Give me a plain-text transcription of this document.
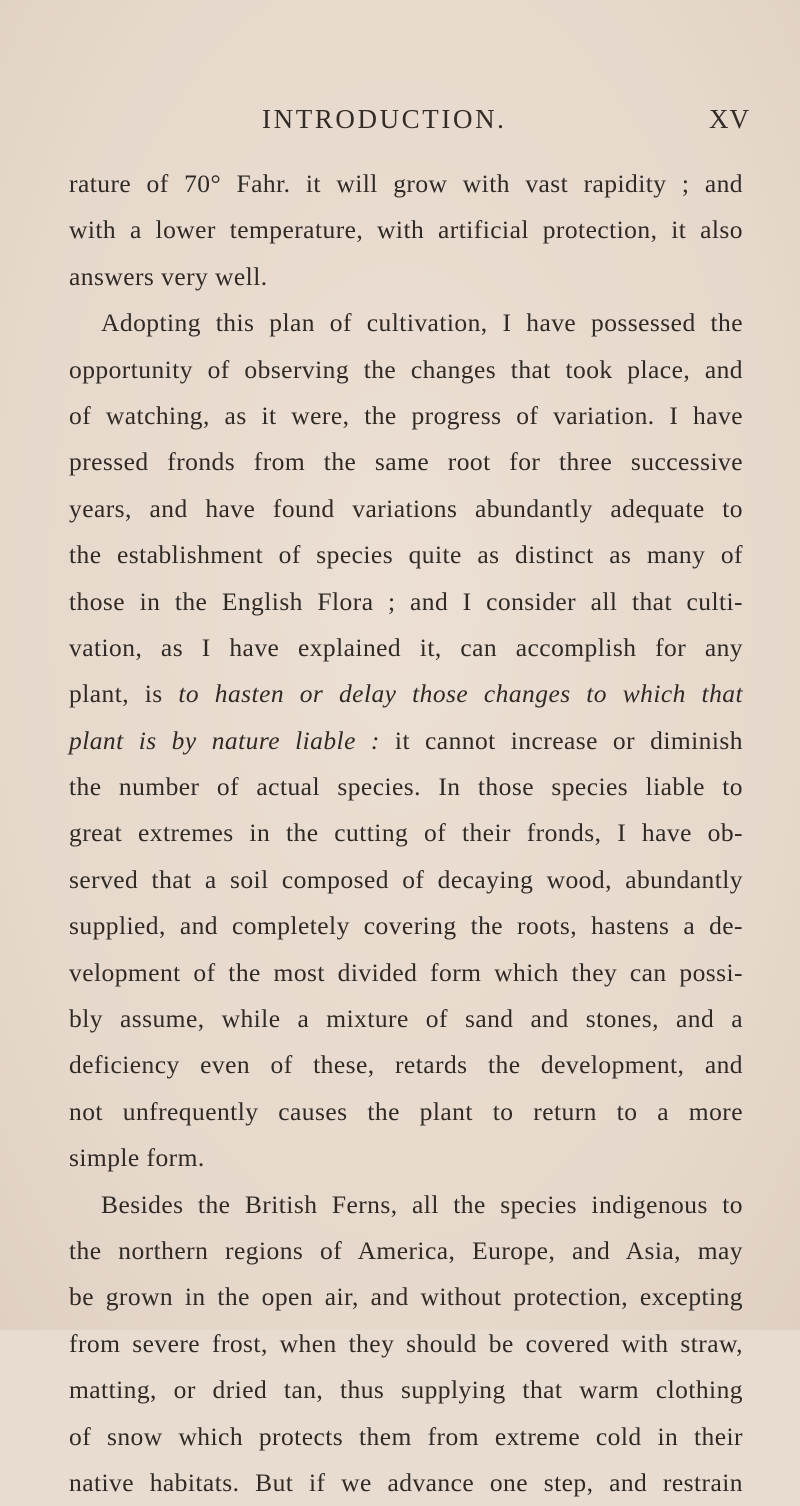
INTRODUCTION.	XV
rature of 70° Fahr. it will grow with vast rapidity ; and
with a lower temperature, with artificial protection, it also
answers very well.
Adopting this plan of cultivation, I have possessed the
opportunity of observing the changes that took place, and
of watching, as it were, the progress of variation. I have
pressed fronds from the same root for three successive
years, and have found variations abundantly adequate to
the establishment of species quite as distinct as many of
those in the English Flora ; and I consider all that culti-
vation, as I have explained it, can accomplish for any
plant, is to hasten or delay those changes to which that
plant is by nature liable : it cannot increase or diminish
the number of actual species. In those species liable to
great extremes in the cutting of their fronds, I have ob-
served that a soil composed of decaying wood, abundantly
supplied, and completely covering the roots, hastens a de-
velopment of the most divided form which they can possi-
bly assume, while a mixture of sand and stones, and a
deficiency even of these, retards the development, and
not unfrequently causes the plant to return to a more
simple form.
Besides the British Ferns, all the species indigenous to
the northern regions of America, Europe, and Asia, may
be grown in the open air, and without protection, excepting
from severe frost, when they should be covered with straw,
matting, or dried tan, thus supplying that warm clothing
of snow which protects them from extreme cold in their
native habitats. But if we advance one step, and restrain
